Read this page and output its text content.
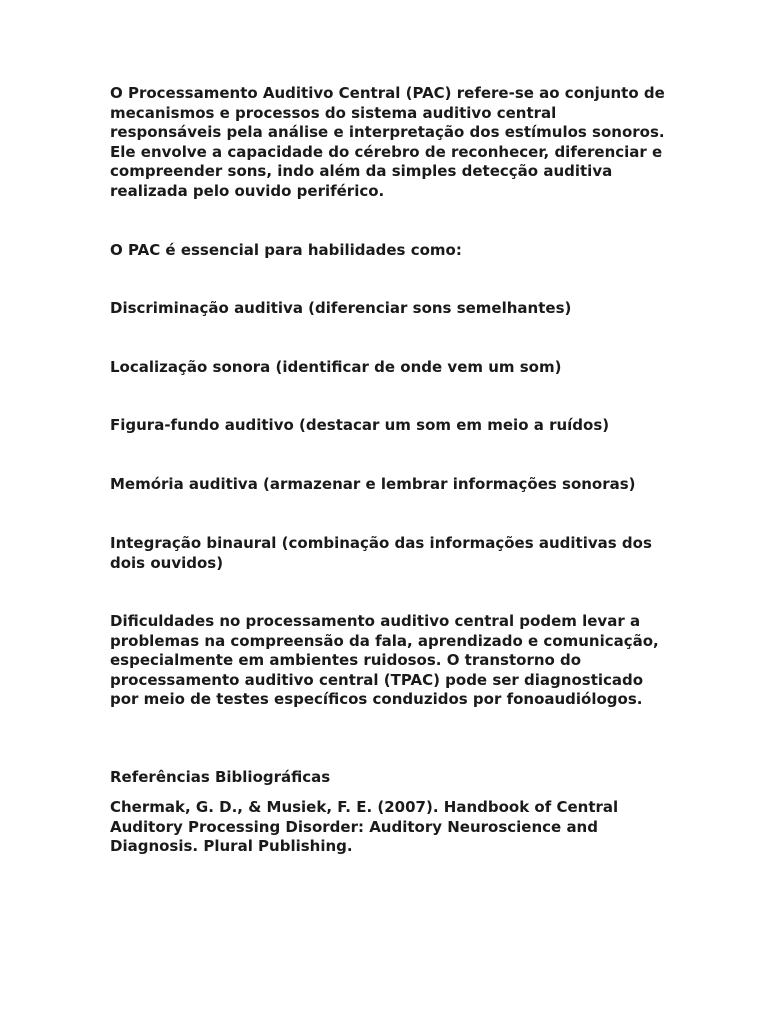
O Processamento Auditivo Central (PAC) refere-se ao conjunto de mecanismos e processos do sistema auditivo central responsáveis pela análise e interpretação dos estímulos sonoros. Ele envolve a capacidade do cérebro de reconhecer, diferenciar e compreender sons, indo além da simples detecção auditiva realizada pelo ouvido periférico.

O PAC é essencial para habilidades como:

Discriminação auditiva (diferenciar sons semelhantes)

Localização sonora (identificar de onde vem um som)

Figura-fundo auditivo (destacar um som em meio a ruídos)

Memória auditiva (armazenar e lembrar informações sonoras)

Integração binaural (combinação das informações auditivas dos dois ouvidos)

Dificuldades no processamento auditivo central podem levar a problemas na compreensão da fala, aprendizado e comunicação, especialmente em ambientes ruidosos. O transtorno do processamento auditivo central (TPAC) pode ser diagnosticado por meio de testes específicos conduzidos por fonoaudiólogos.

Referências Bibliográficas

Chermak, G. D., & Musiek, F. E. (2007). Handbook of Central Auditory Processing Disorder: Auditory Neuroscience and Diagnosis. Plural Publishing.
